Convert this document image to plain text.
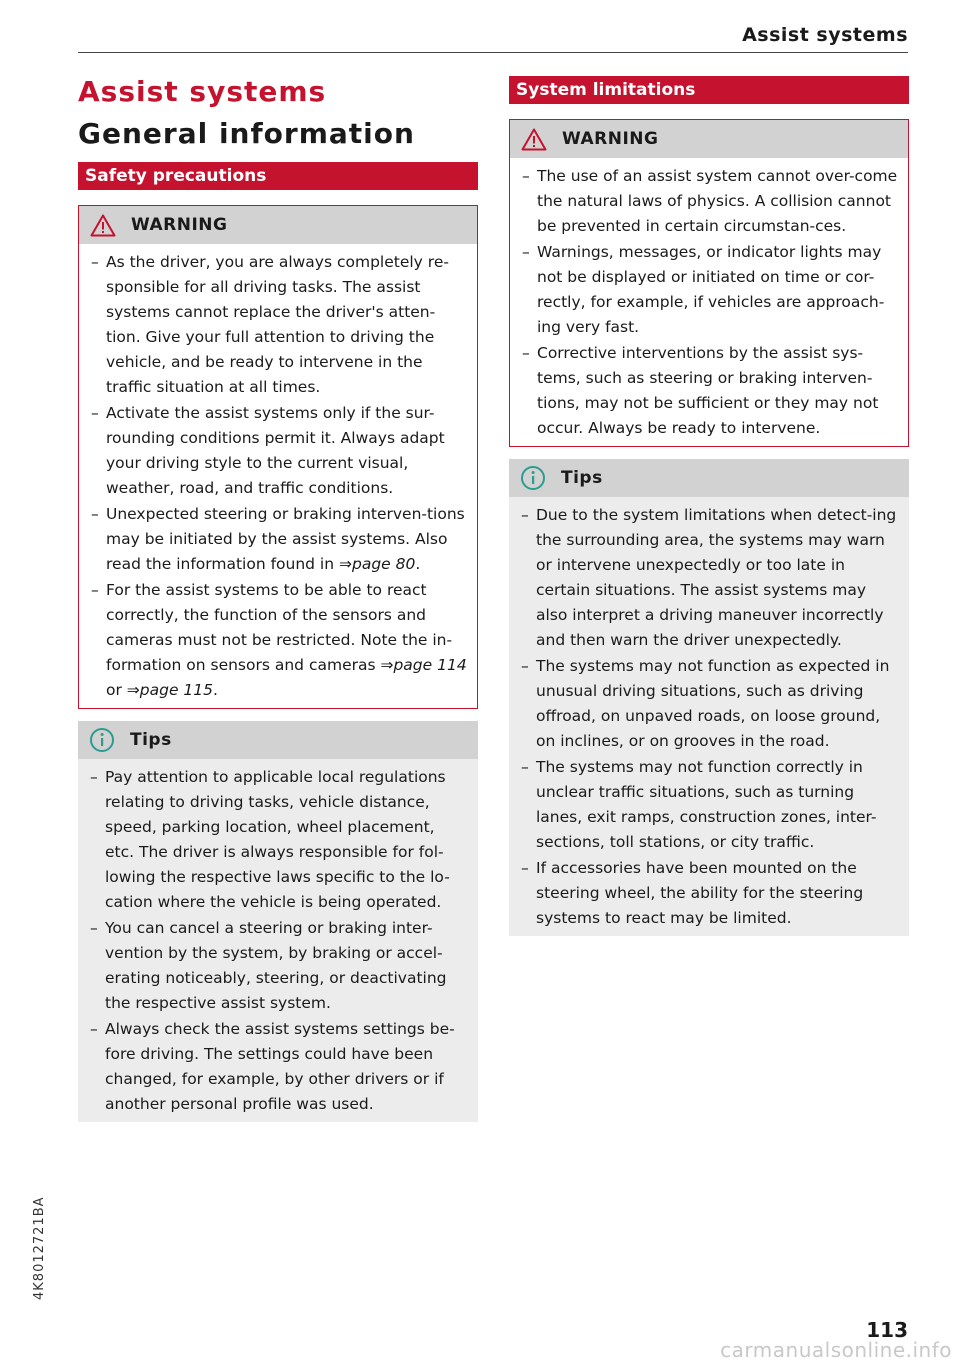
Assist systems
Assist systems
General information
Safety precautions
WARNING
– As the driver, you are always completely re-sponsible for all driving tasks. The assist systems cannot replace the driver's atten-tion. Give your full attention to driving the vehicle, and be ready to intervene in the traffic situation at all times.
– Activate the assist systems only if the sur-rounding conditions permit it. Always adapt your driving style to the current visual, weather, road, and traffic conditions.
– Unexpected steering or braking interven-tions may be initiated by the assist systems. Also read the information found in ⇒page 80.
– For the assist systems to be able to react correctly, the function of the sensors and cameras must not be restricted. Note the in-formation on sensors and cameras ⇒page 114 or ⇒page 115.
Tips
– Pay attention to applicable local regulations relating to driving tasks, vehicle distance, speed, parking location, wheel placement, etc. The driver is always responsible for fol-lowing the respective laws specific to the lo-cation where the vehicle is being operated.
– You can cancel a steering or braking inter-vention by the system, by braking or accel-erating noticeably, steering, or deactivating the respective assist system.
– Always check the assist systems settings be-fore driving. The settings could have been changed, for example, by other drivers or if another personal profile was used.
System limitations
WARNING
– The use of an assist system cannot over-come the natural laws of physics. A collision cannot be prevented in certain circumstan-ces.
– Warnings, messages, or indicator lights may not be displayed or initiated on time or cor-rectly, for example, if vehicles are approach-ing very fast.
– Corrective interventions by the assist sys-tems, such as steering or braking interven-tions, may not be sufficient or they may not occur. Always be ready to intervene.
Tips
– Due to the system limitations when detect-ing the surrounding area, the systems may warn or intervene unexpectedly or too late in certain situations. The assist systems may also interpret a driving maneuver incorrectly and then warn the driver unexpectedly.
– The systems may not function as expected in unusual driving situations, such as driving offroad, on unpaved roads, on loose ground, on inclines, or on grooves in the road.
– The systems may not function correctly in unclear traffic situations, such as turning lanes, exit ramps, construction zones, inter-sections, toll stations, or city traffic.
– If accessories have been mounted on the steering wheel, the ability for the steering systems to react may be limited.
4K8012721BA
113
carmanualsonline.info
